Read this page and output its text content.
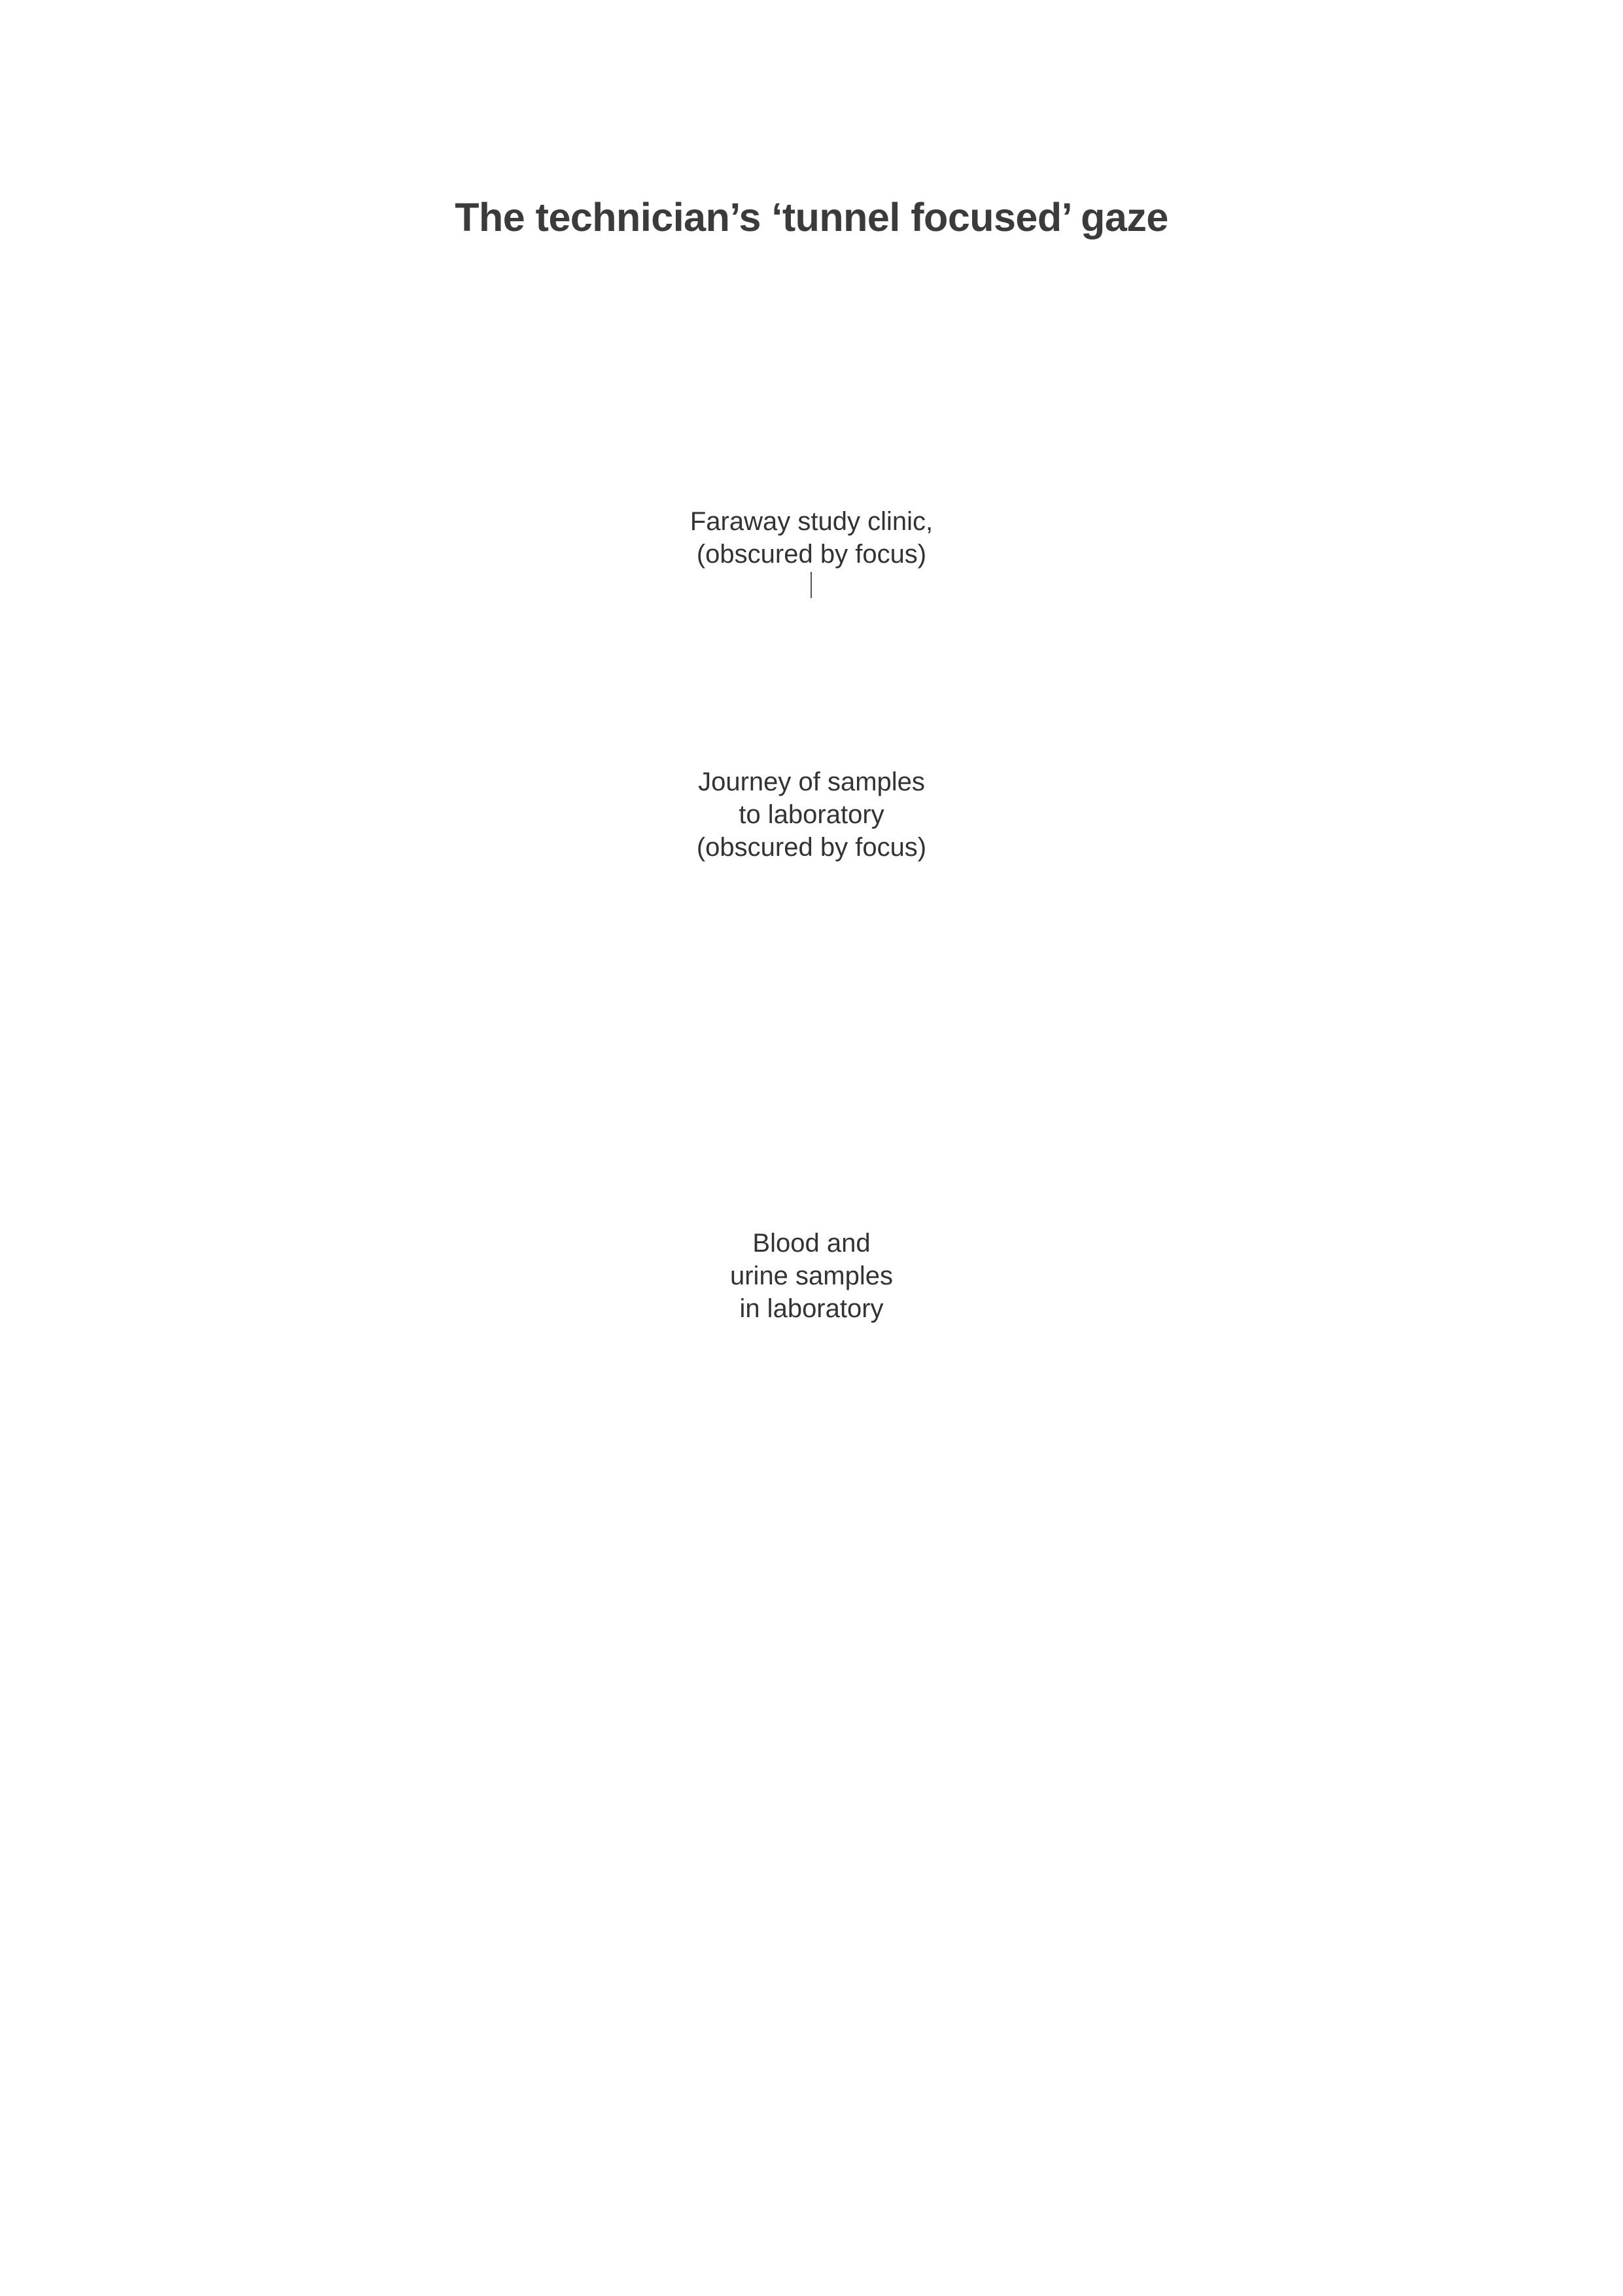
The technician’s ‘tunnel focused’ gaze
Faraway study clinic,
(obscured by focus)
Journey of samples
to laboratory
(obscured by focus)
Blood and
urine samples
in laboratory
